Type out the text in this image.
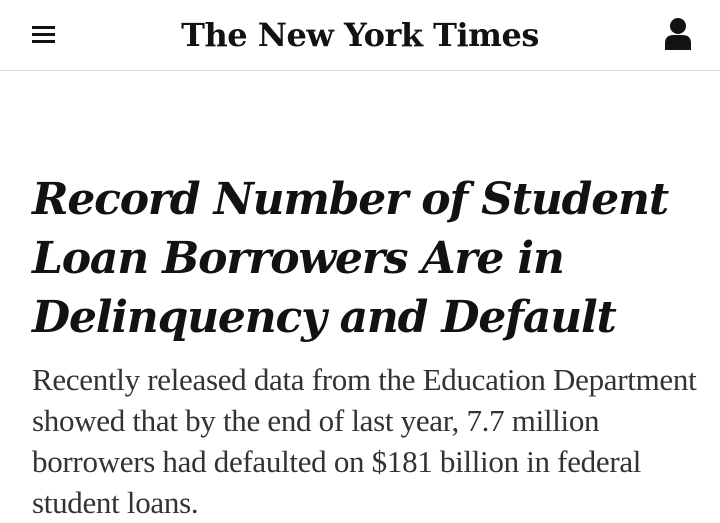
The New York Times
Record Number of Student Loan Borrowers Are in Delinquency and Default

Recently released data from the Education Department showed that by the end of last year, 7.7 million borrowers had defaulted on $181 billion in federal student loans.
